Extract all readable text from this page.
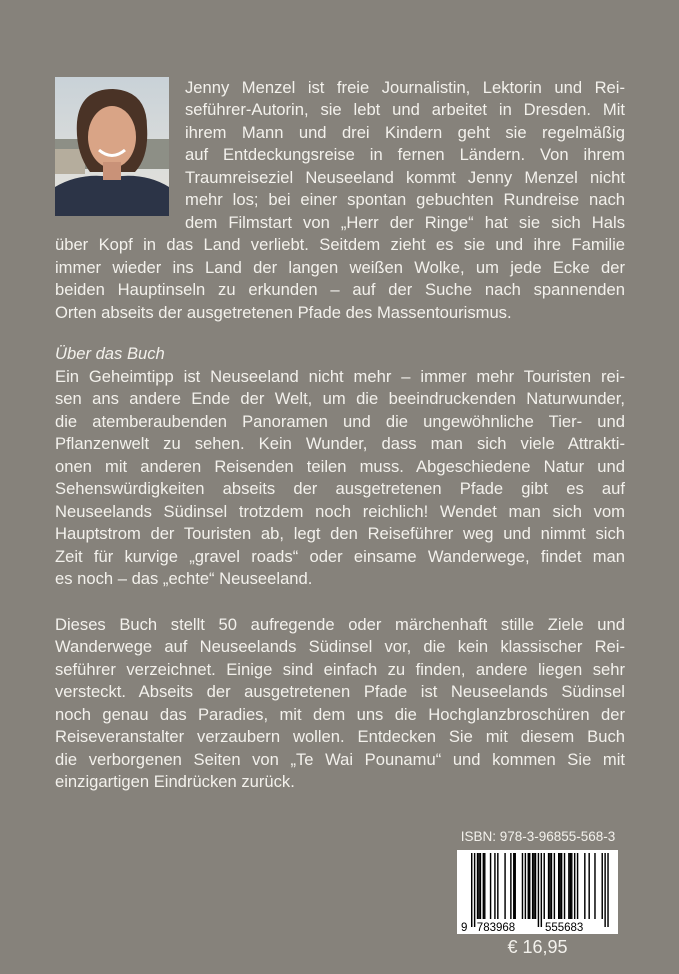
Jenny Menzel ist freie Journalistin, Lektorin und Rei-
seführer-Autorin, sie lebt und arbeitet in Dresden. Mit
ihrem Mann und drei Kindern geht sie regelmäßig
auf Entdeckungsreise in fernen Ländern. Von ihrem
Traumreiseziel Neuseeland kommt Jenny Menzel nicht
mehr los; bei einer spontan gebuchten Rundreise nach
dem Filmstart von „Herr der Ringe“ hat sie sich Hals
über Kopf in das Land verliebt. Seitdem zieht es sie und ihre Familie
immer wieder ins Land der langen weißen Wolke, um jede Ecke der
beiden Hauptinseln zu erkunden – auf der Suche nach spannenden
Orten abseits der ausgetretenen Pfade des Massentourismus.
Ein Geheimtipp ist Neuseeland nicht mehr – immer mehr Touristen rei-
sen ans andere Ende der Welt, um die beeindruckenden Naturwunder,
die atemberaubenden Panoramen und die ungewöhnliche Tier- und
Pflanzenwelt zu sehen. Kein Wunder, dass man sich viele Attrakti-
onen mit anderen Reisenden teilen muss. Abgeschiedene Natur und
Sehenswürdigkeiten abseits der ausgetretenen Pfade gibt es auf
Neuseelands Südinsel trotzdem noch reichlich! Wendet man sich vom
Hauptstrom der Touristen ab, legt den Reiseführer weg und nimmt sich
Zeit für kurvige „gravel roads“ oder einsame Wanderwege, findet man
es noch – das „echte“ Neuseeland.
Dieses Buch stellt 50 aufregende oder märchenhaft stille Ziele und
Wanderwege auf Neuseelands Südinsel vor, die kein klassischer Rei-
seführer verzeichnet. Einige sind einfach zu finden, andere liegen sehr
versteckt. Abseits der ausgetretenen Pfade ist Neuseelands Südinsel
noch genau das Paradies, mit dem uns die Hochglanzbroschüren der
Reiseveranstalter verzaubern wollen. Entdecken Sie mit diesem Buch
die verborgenen Seiten von „Te Wai Pounamu“ und kommen Sie mit
einzigartigen Eindrücken zurück.
Über das Buch
ISBN: 978-3-96855-568-3
9 783968	555683
€ 16,95
